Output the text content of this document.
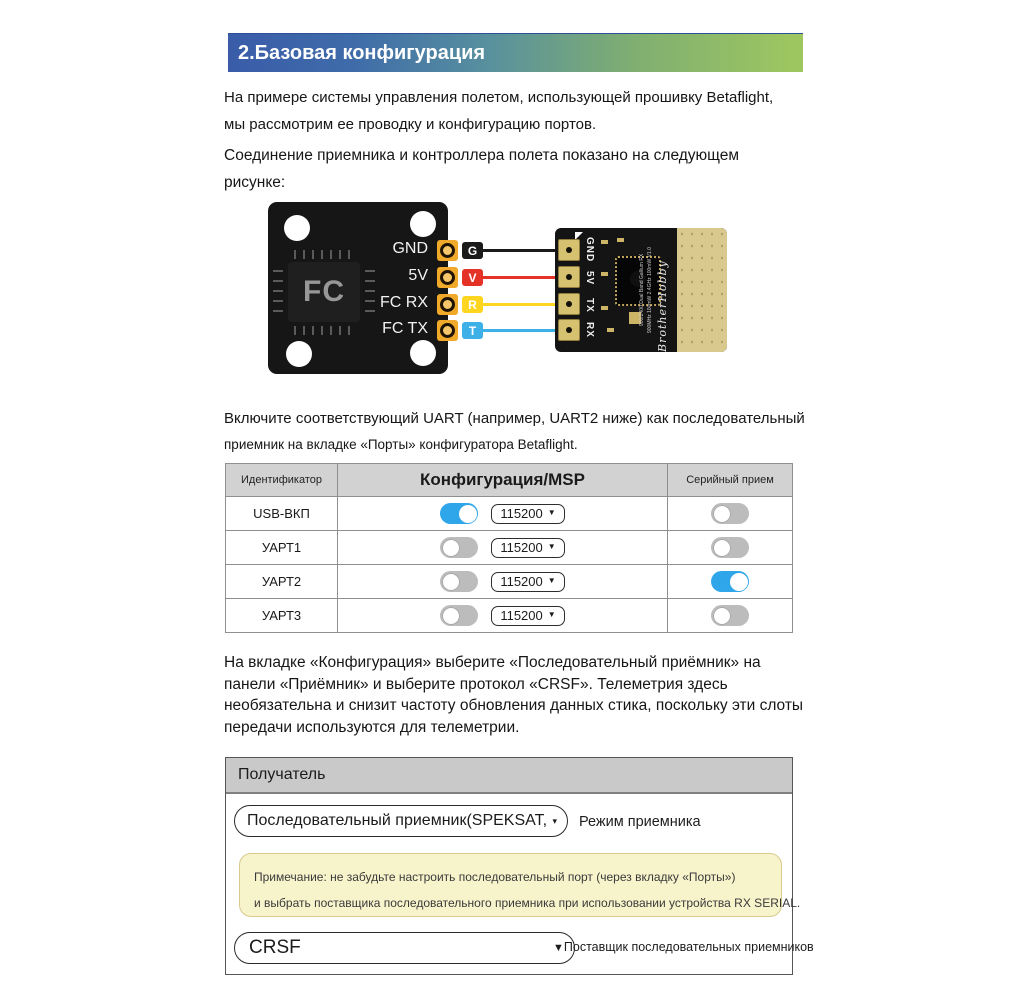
2.Базовая конфигурация
На примере системы управления полетом, использующей прошивку Betaflight,
мы рассмотрим ее проводку и конфигурацию портов.
Соединение приемника и контроллера полета показано на следующем
рисунке:
FC
GND	G
5V	V
FC RX	R
FC TX	T
GND
5V
TX
RX	BrotherHobby
900/2400 Dual Band Gallium RX 900MHz 100mW 2.4GHz 100mW V1.0
Включите соответствующий UART (например, UART2 ниже) как последовательный
приемник на вкладке «Порты» конфигуратора Betaflight.
Идентификатор	Конфигурация/MSP	Серийный прием
USB-ВКП	115200 ▼
УАРТ1	115200 ▼
УАРТ2	115200 ▼
УАРТ3	115200 ▼
На вкладке «Конфигурация» выберите «Последовательный приёмник» на
панели «Приёмник» и выберите протокол «CRSF». Телеметрия здесь
необязательна и снизит частоту обновления данных стика, поскольку эти слоты
передачи используются для телеметрии.
Получатель
Последовательный приемник(SPEKSAT, ▾ Режим приемника
Примечание: не забудьте настроить последовательный порт (через вкладку «Порты»)
и выбрать поставщика последовательного приемника при использовании устройства RX SERIAL.
CRSF	▼Поставщик последовательных приемников
